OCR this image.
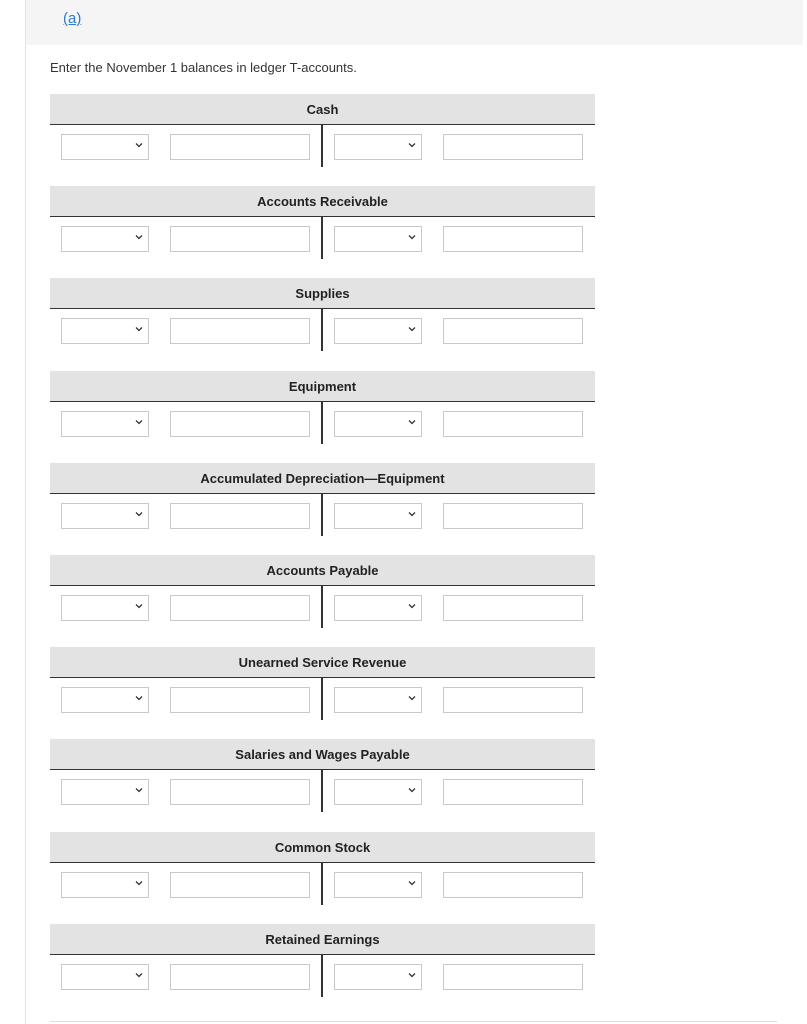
(a)
Enter the November 1 balances in ledger T-accounts.
Cash
Accounts Receivable
Supplies
Equipment
Accumulated Depreciation—Equipment
Accounts Payable
Unearned Service Revenue
Salaries and Wages Payable
Common Stock
Retained Earnings
